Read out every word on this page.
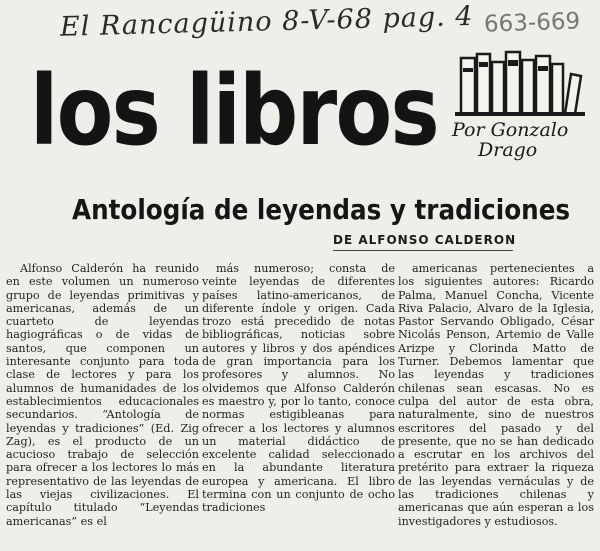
El Rancagüino 8-V-68 pag. 4 663-669
los libros Por Gonzalo
Drago
Antología de leyendas y tradiciones
DE ALFONSO CALDERON

Alfonso Calderón ha reunido en este volumen un numeroso grupo de leyendas primitivas y americanas, además de un cuarteto de leyendas hagiográficas o de vidas de santos, que componen un interesante conjunto para toda clase de lectores y para los alumnos de humanidades de los establecimientos educacionales secundarios. “Antología de leyendas y tradiciones” (Ed. Zig Zag), es el producto de un acucioso trabajo de selección para ofrecer a los lectores lo más representativo de las leyendas de las viejas civilizaciones. El capítulo titulado “Leyendas americanas” es el

más numeroso; consta de veinte leyendas de diferentes países latino-americanos, de diferente índole y origen. Cada trozo está precedido de notas bibliográficas, noticias sobre autores y libros y dos apéndices de gran importancia para los profesores y alumnos. No olvidemos que Alfonso Calderón es maestro y, por lo tanto, conoce normas estigibleanas para ofrecer a los lectores y alumnos un material didáctico de excelente calidad seleccionado en la abundante literatura europea y americana. El libro termina con un conjunto de ocho tradiciones

americanas pertenecientes a los siguientes autores: Ricardo Palma, Manuel Concha, Vicente Riva Palacio, Alvaro de la Iglesia, Pastor Servando Obligado, César Nicolás Penson, Artemio de Valle Arizpe y Clorinda Matto de Turner. Debemos lamentar que las leyendas y tradiciones chilenas sean escasas. No es culpa del autor de esta obra, naturalmente, sino de nuestros escritores del pasado y del presente, que no se han dedicado a escrutar en los archivos del pretérito para extraer la riqueza de las leyendas vernáculas y de las tradiciones chilenas y americanas que aún esperan a los investigadores y estudiosos.
